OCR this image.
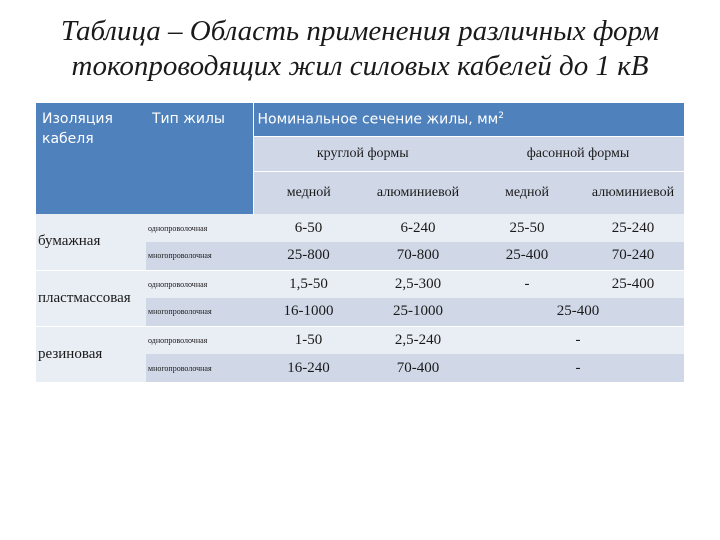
Таблица – Область применения различных форм
токопроводящих жил силовых кабелей до 1 кВ
Изоляция кабеля	Тип жилы	Номинальное сечение жилы, $мм^2$
		круглой формы		фасонной формы	
		медной	алюминиевой	медной	алюминиевой
бумажная	однопроволочная	6-50	6-240	25-50	25-240
	многопроволочная	25-800	70-800	25-400	70-240
пластмассовая	однопроволочная	1,5-50	2,5-300	-	25-400
	многопроволочная	16-1000	25-1000	25-400	
резиновая	однопроволочная	1-50	2,5-240	-	
	многопроволочная	16-240	70-400	-	
